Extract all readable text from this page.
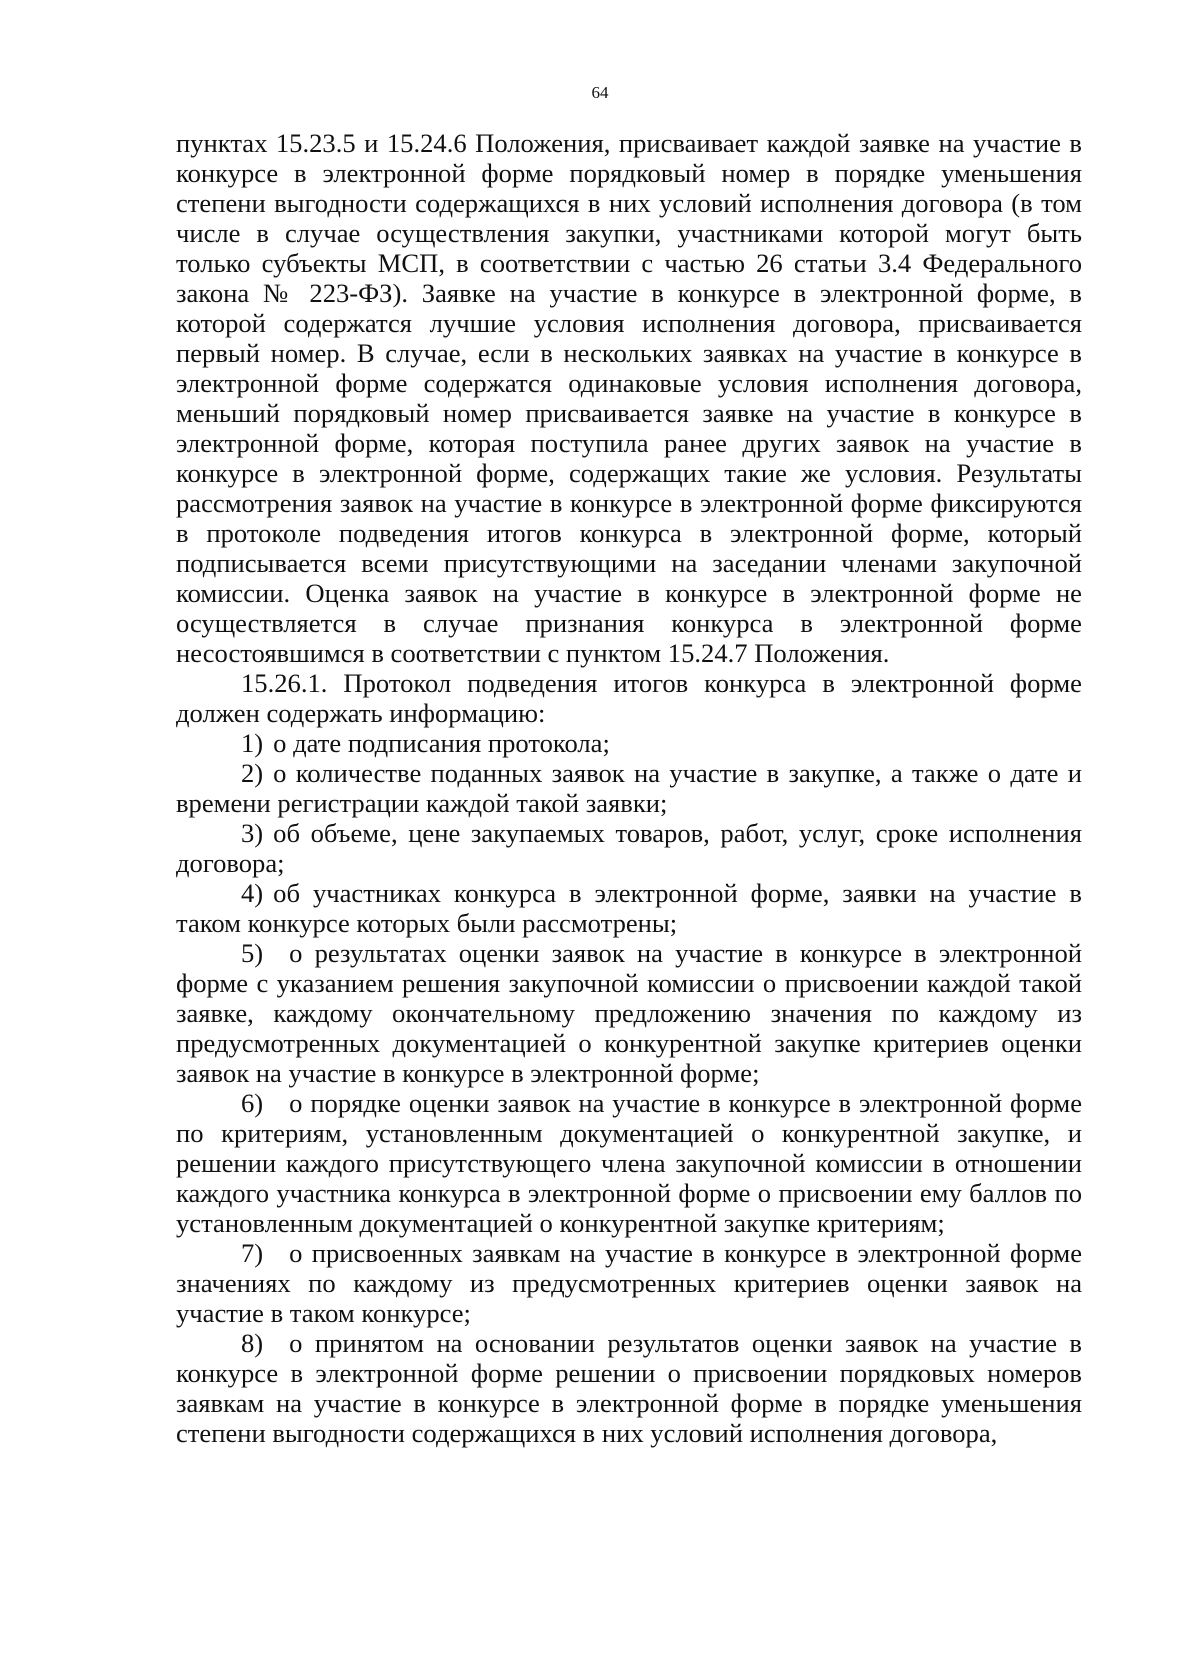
64

пунктах 15.23.5 и 15.24.6 Положения, присваивает каждой заявке на участие в конкурсе в электронной форме порядковый номер в порядке уменьшения степени выгодности содержащихся в них условий исполнения договора (в том числе в случае осуществления закупки, участниками которой могут быть только субъекты МСП, в соответствии с частью 26 статьи 3.4 Федерального закона № 223-ФЗ). Заявке на участие в конкурсе в электронной форме, в которой содержатся лучшие условия исполнения договора, присваивается первый номер. В случае, если в нескольких заявках на участие в конкурсе в электронной форме содержатся одинаковые условия исполнения договора, меньший порядковый номер присваивается заявке на участие в конкурсе в электронной форме, которая поступила ранее других заявок на участие в конкурсе в электронной форме, содержащих такие же условия. Результаты рассмотрения заявок на участие в конкурсе в электронной форме фиксируются в протоколе подведения итогов конкурса в электронной форме, который подписывается всеми присутствующими на заседании членами закупочной комиссии. Оценка заявок на участие в конкурсе в электронной форме не осуществляется в случае признания конкурса в электронной форме несостоявшимся в соответствии с пунктом 15.24.7 Положения.

15.26.1. Протокол подведения итогов конкурса в электронной форме должен содержать информацию:

1) о дате подписания протокола;

2) о количестве поданных заявок на участие в закупке, а также о дате и времени регистрации каждой такой заявки;

3) об объеме, цене закупаемых товаров, работ, услуг, сроке исполнения договора;

4) об участниках конкурса в электронной форме, заявки на участие в таком конкурсе которых были рассмотрены;

5) о результатах оценки заявок на участие в конкурсе в электронной форме с указанием решения закупочной комиссии о присвоении каждой такой заявке, каждому окончательному предложению значения по каждому из предусмотренных документацией о конкурентной закупке критериев оценки заявок на участие в конкурсе в электронной форме;

6) о порядке оценки заявок на участие в конкурсе в электронной форме по критериям, установленным документацией о конкурентной закупке, и решении каждого присутствующего члена закупочной комиссии в отношении каждого участника конкурса в электронной форме о присвоении ему баллов по установленным документацией о конкурентной закупке критериям;

7) о присвоенных заявкам на участие в конкурсе в электронной форме значениях по каждому из предусмотренных критериев оценки заявок на участие в таком конкурсе;

8) о принятом на основании результатов оценки заявок на участие в конкурсе в электронной форме решении о присвоении порядковых номеров заявкам на участие в конкурсе в электронной форме в порядке уменьшения степени выгодности содержащихся в них условий исполнения договора,
